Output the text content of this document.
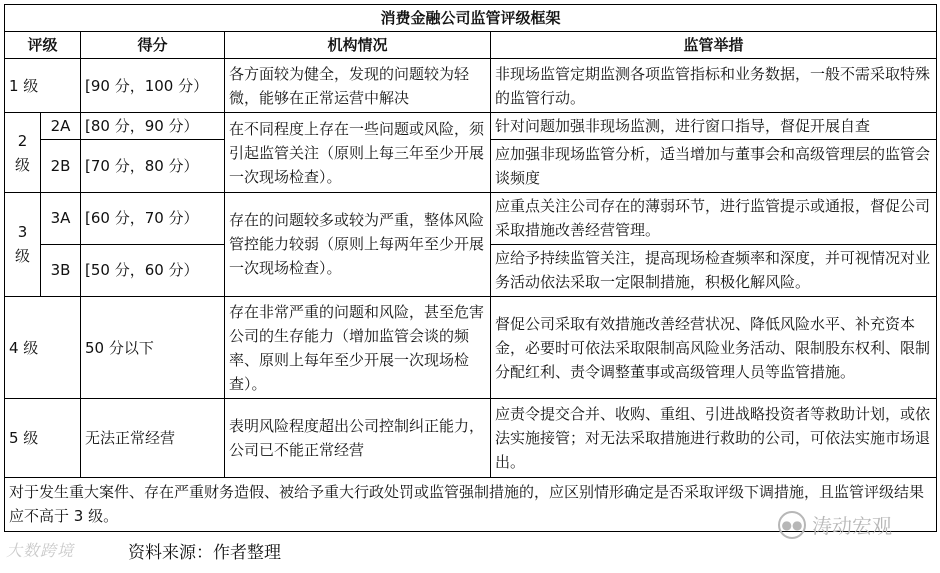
消费金融公司监管评级框架				
评级		得分	机构情况	监管举措
1 级		[90 分，100 分）	各方面较为健全，发现的问题较为轻微，能够在正常运营中解决	非现场监管定期监测各项监管指标和业务数据，一般不需采取特殊的监管行动。
2 级	2A	[80 分，90 分）	在不同程度上存在一些问题或风险，须引起监管关注（原则上每三年至少开展一次现场检查）。	针对问题加强非现场监测，进行窗口指导，督促开展自查
	2B	[70 分，80 分）		应加强非现场监管分析，适当增加与董事会和高级管理层的监管会谈频度
3 级	3A	[60 分，70 分）	存在的问题较多或较为严重，整体风险管控能力较弱（原则上每两年至少开展一次现场检查）。	应重点关注公司存在的薄弱环节，进行监管提示或通报，督促公司采取措施改善经营管理。
	3B	[50 分，60 分）		应给予持续监管关注，提高现场检查频率和深度，并可视情况对业务活动依法采取一定限制措施，积极化解风险。
4 级		50 分以下	存在非常严重的问题和风险，甚至危害公司的生存能力（增加监管会谈的频率、原则上每年至少开展一次现场检查）。	督促公司采取有效措施改善经营状况、降低风险水平、补充资本金，必要时可依法采取限制高风险业务活动、限制股东权利、限制分配红利、责令调整董事或高级管理人员等监管措施。
5 级		无法正常经营	表明风险程度超出公司控制纠正能力，公司已不能正常经营	应责令提交合并、收购、重组、引进战略投资者等救助计划，或依法实施接管；对无法采取措施进行救助的公司，可依法实施市场退出。
对于发生重大案件、存在严重财务造假、被给予重大行政处罚或监管强制措施的，应区别情形确定是否采取评级下调措施，且监管评级结果应不高于 3 级。				
大数跨境	资料来源：作者整理
●● 涛动宏观
